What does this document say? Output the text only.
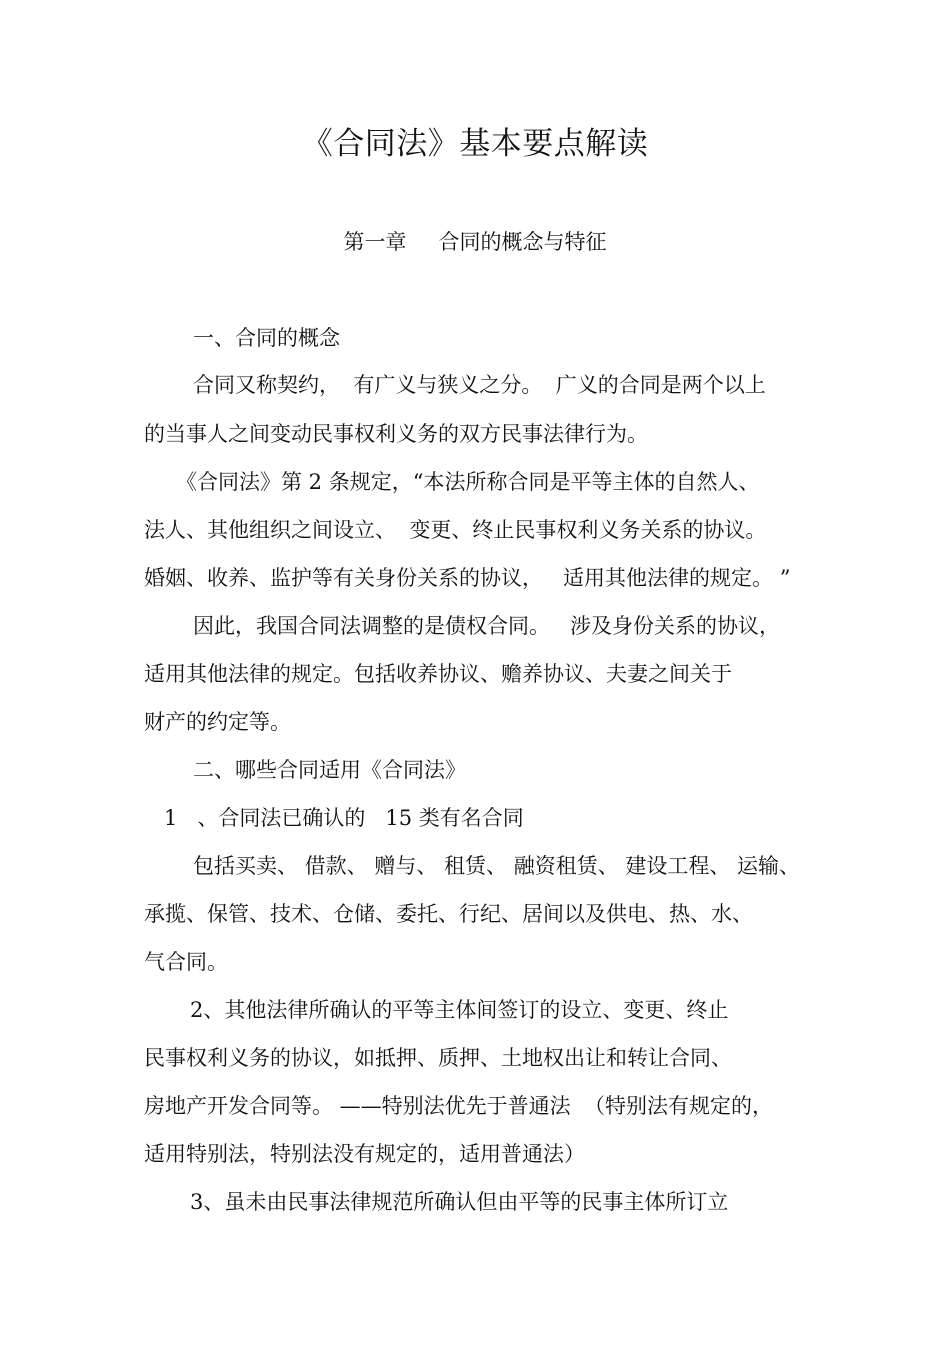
《合同法》基本要点解读
第一章 合同的概念与特征

一、合同的概念

合同又称契约，  有广义与狭义之分。  广义的合同是两个以上

的当事人之间变动民事权利义务的双方民事法律行为。

《合同法》第 2 条规定，“本法所称合同是平等主体的自然人、

法人、其他组织之间设立、  变更、终止民事权利义务关系的协议。

婚姻、收养、监护等有关身份关系的协议，   适用其他法律的规定。 ”

因此，我国合同法调整的是债权合同。   涉及身份关系的协议，

适用其他法律的规定。包括收养协议、赡养协议、夫妻之间关于

财产的约定等。

二、哪些合同适用《合同法》

1   、合同法已确认的   15 类有名合同

包括买卖、 借款、 赠与、 租赁、 融资租赁、 建设工程、 运输、

承揽、保管、技术、仓储、委托、行纪、居间以及供电、热、水、

气合同。

2、其他法律所确认的平等主体间签订的设立、变更、终止

民事权利义务的协议，如抵押、质押、土地权出让和转让合同、

房地产开发合同等。 ——特别法优先于普通法  （特别法有规定的，

适用特别法，特别法没有规定的，适用普通法）

3、虽未由民事法律规范所确认但由平等的民事主体所订立
